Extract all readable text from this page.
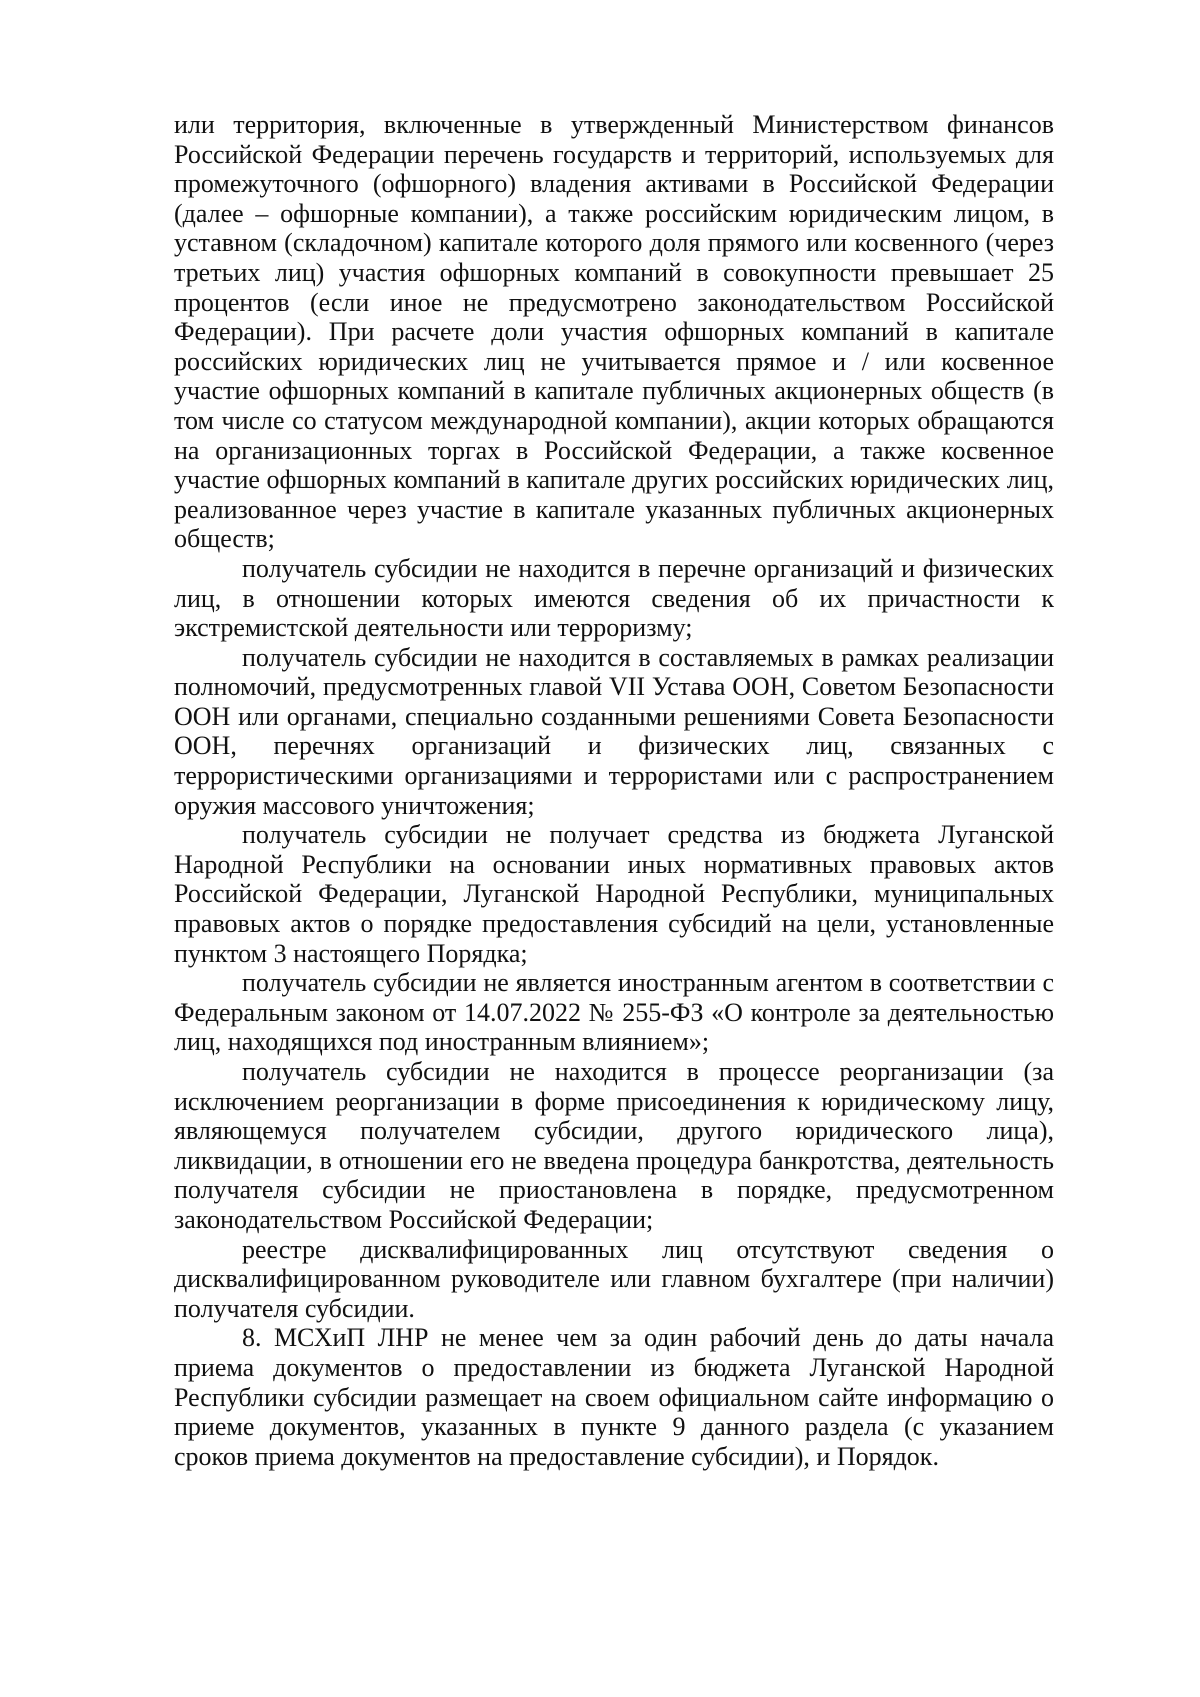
или территория, включенные в утвержденный Министерством финансов Российской Федерации перечень государств и территорий, используемых для промежуточного (офшорного) владения активами в Российской Федерации (далее – офшорные компании), а также российским юридическим лицом, в уставном (складочном) капитале которого доля прямого или косвенного (через третьих лиц) участия офшорных компаний в совокупности превышает 25 процентов (если иное не предусмотрено законодательством Российской Федерации). При расчете доли участия офшорных компаний в капитале российских юридических лиц не учитывается прямое и / или косвенное участие офшорных компаний в капитале публичных акционерных обществ (в том числе со статусом международной компании), акции которых обращаются на организационных торгах в Российской Федерации, а также косвенное участие офшорных компаний в капитале других российских юридических лиц, реализованное через участие в капитале указанных публичных акционерных обществ;

получатель субсидии не находится в перечне организаций и физических лиц, в отношении которых имеются сведения об их причастности к экстремистской деятельности или терроризму;

получатель субсидии не находится в составляемых в рамках реализации полномочий, предусмотренных главой VII Устава ООН, Советом Безопасности ООН или органами, специально созданными решениями Совета Безопасности ООН, перечнях организаций и физических лиц, связанных с террористическими организациями и террористами или с распространением оружия массового уничтожения;

получатель субсидии не получает средства из бюджета Луганской Народной Республики на основании иных нормативных правовых актов Российской Федерации, Луганской Народной Республики, муниципальных правовых актов о порядке предоставления субсидий на цели, установленные пунктом 3 настоящего Порядка;

получатель субсидии не является иностранным агентом в соответствии с Федеральным законом от 14.07.2022 № 255-ФЗ «О контроле за деятельностью лиц, находящихся под иностранным влиянием»;

получатель субсидии не находится в процессе реорганизации (за исключением реорганизации в форме присоединения к юридическому лицу, являющемуся получателем субсидии, другого юридического лица), ликвидации, в отношении его не введена процедура банкротства, деятельность получателя субсидии не приостановлена в порядке, предусмотренном законодательством Российской Федерации;

реестре дисквалифицированных лиц отсутствуют сведения о дисквалифицированном руководителе или главном бухгалтере (при наличии) получателя субсидии.

8. МСХиП ЛНР не менее чем за один рабочий день до даты начала приема документов о предоставлении из бюджета Луганской Народной Республики субсидии размещает на своем официальном сайте информацию о приеме документов, указанных в пункте 9 данного раздела (с указанием сроков приема документов на предоставление субсидии), и Порядок.
